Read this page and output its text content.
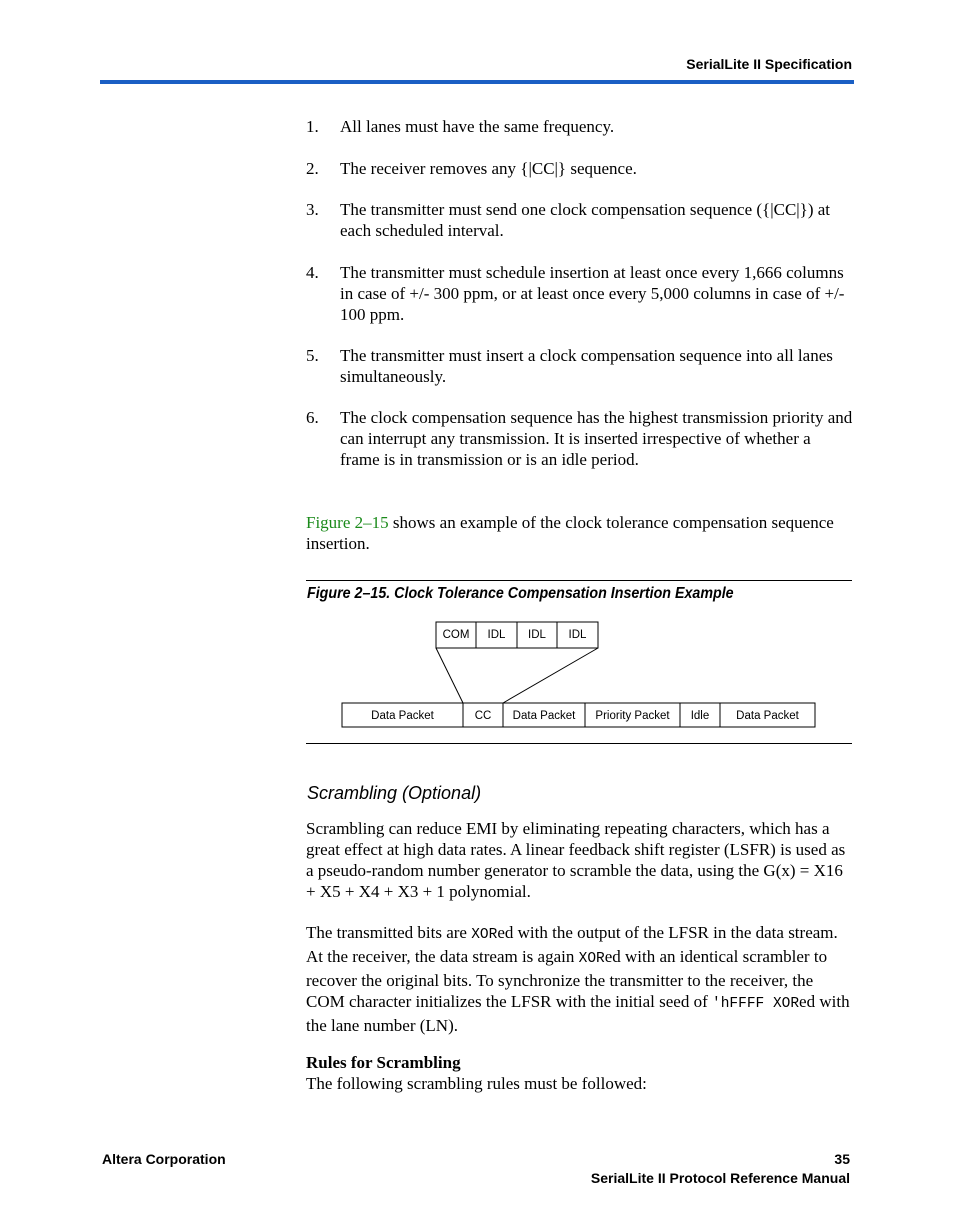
SerialLite II Specification
1. All lanes must have the same frequency.
2. The receiver removes any {|CC|} sequence.
3. The transmitter must send one clock compensation sequence ({|CC|}) at each scheduled interval.
4. The transmitter must schedule insertion at least once every 1,666 columns in case of +/- 300 ppm, or at least once every 5,000 columns in case of +/- 100 ppm.
5. The transmitter must insert a clock compensation sequence into all lanes simultaneously.
6. The clock compensation sequence has the highest transmission priority and can interrupt any transmission. It is inserted irrespective of whether a frame is in transmission or is an idle period.
Figure 2–15 shows an example of the clock tolerance compensation sequence insertion.
Figure 2–15. Clock Tolerance Compensation Insertion Example
COM IDL IDL IDL
Data Packet	CC Data Packet Priority Packet Idle Data Packet
Scrambling (Optional)
Scrambling can reduce EMI by eliminating repeating characters, which has a great effect at high data rates. A linear feedback shift register (LSFR) is used as a pseudo-random number generator to scramble the data, using the G(x) = X16 + X5 + X4 + X3 + 1 polynomial.
The transmitted bits are XORed with the output of the LFSR in the data stream. At the receiver, the data stream is again XORed with an identical scrambler to recover the original bits. To synchronize the transmitter to the receiver, the COM character initializes the LFSR with the initial seed of 'hFFFF XORed with the lane number (LN).
Rules for Scrambling
The following scrambling rules must be followed:
Altera Corporation	35
SerialLite II Protocol Reference Manual
